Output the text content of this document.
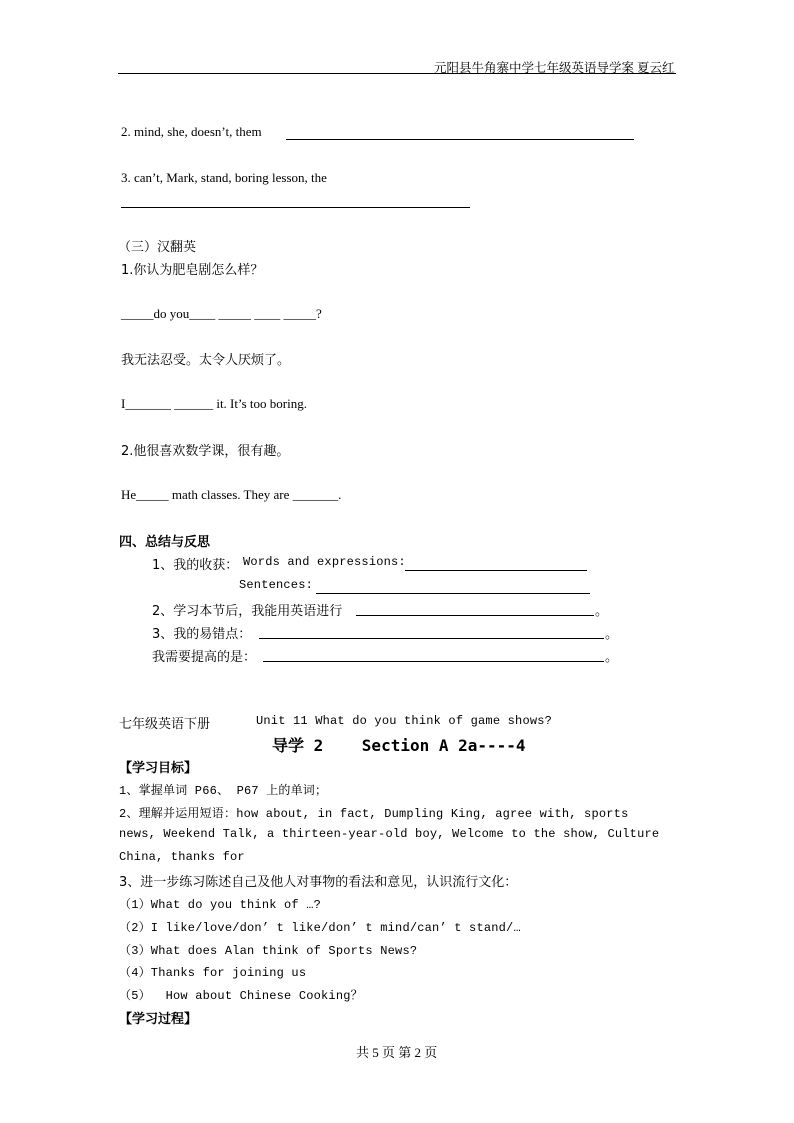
元阳县牛角寨中学七年级英语导学案 夏云红
2. mind, she, doesn’t, them
3. can’t, Mark, stand, boring lesson, the
（三）汉翻英
1.你认为肥皂剧怎么样？
_____do you____ _____ ____ _____?
我无法忍受。太令人厌烦了。
I_______ ______ it. It’s too boring.
2.他很喜欢数学课，很有趣。
He_____ math classes. They are _______.
四、总结与反思
1、我的收获： Words and expressions:
Sentences:
2、学习本节后，我能用英语进行	。
3、我的易错点：	。
我需要提高的是：	。
七年级英语下册	Unit 11 What do you think of game shows?
导学 2    Section A 2a----4
【学习目标】
1、掌握单词 P66、 P67 上的单词；
2、理解并运用短语：how about, in fact, Dumpling King, agree with, sports
news, Weekend Talk, a thirteen-year-old boy, Welcome to the show, Culture
China, thanks for
3、进一步练习陈述自己及他人对事物的看法和意见，认识流行文化：
（1）What do you think of …?
（2）I like/love/don’ t like/don’ t mind/can’ t stand/…
（3）What does Alan think of Sports News?
（4）Thanks for joining us
（5）  How about Chinese Cooking？
【学习过程】
共 5 页 第 2 页
